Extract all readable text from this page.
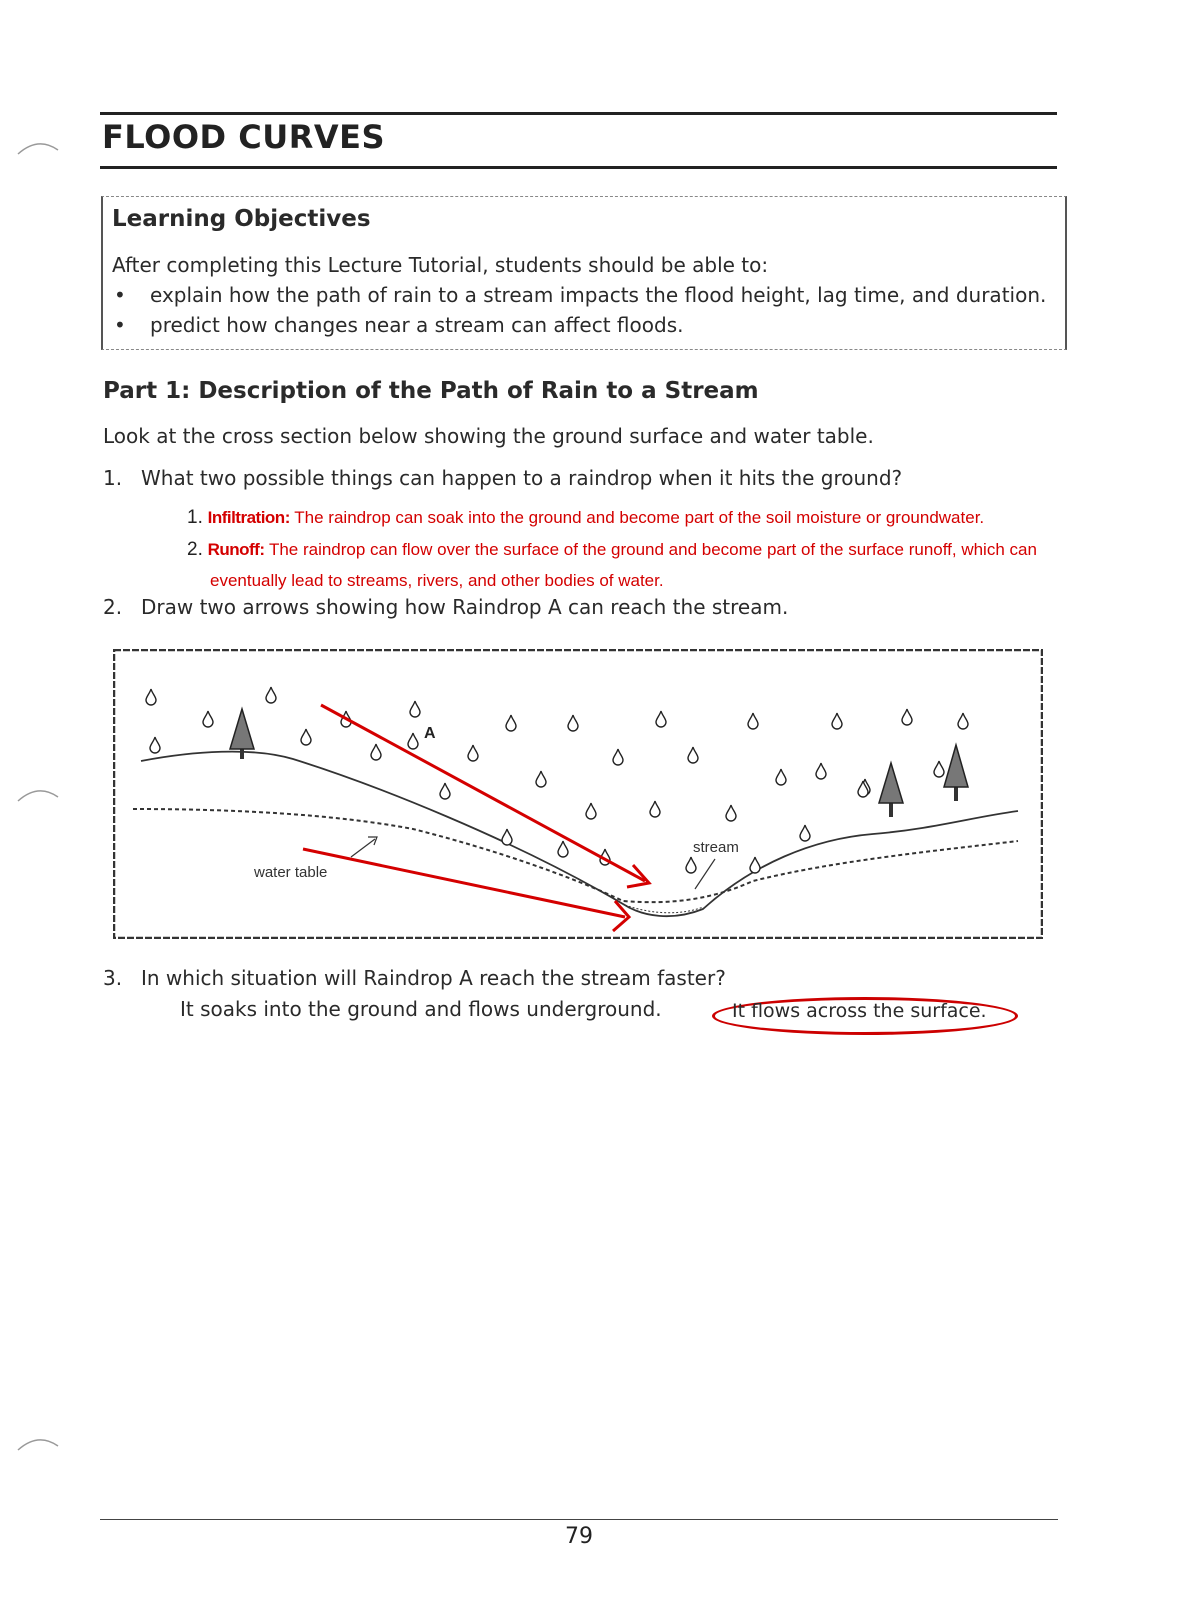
FLOOD CURVES
Learning Objectives
After completing this Lecture Tutorial, students should be able to:
• explain how the path of rain to a stream impacts the flood height, lag time, and duration.
• predict how changes near a stream can affect floods.
Part 1: Description of the Path of Rain to a Stream
Look at the cross section below showing the ground surface and water table.
1. What two possible things can happen to a raindrop when it hits the ground?
1. Infiltration: The raindrop can soak into the ground and become part of the soil moisture or groundwater.
2. Runoff: The raindrop can flow over the surface of the ground and become part of the surface runoff, which can
eventually lead to streams, rivers, and other bodies of water.
2. Draw two arrows showing how Raindrop A can reach the stream.
A
stream
water table
3. In which situation will Raindrop A reach the stream faster?
It soaks into the ground and flows underground.	It flows across the surface.
79
